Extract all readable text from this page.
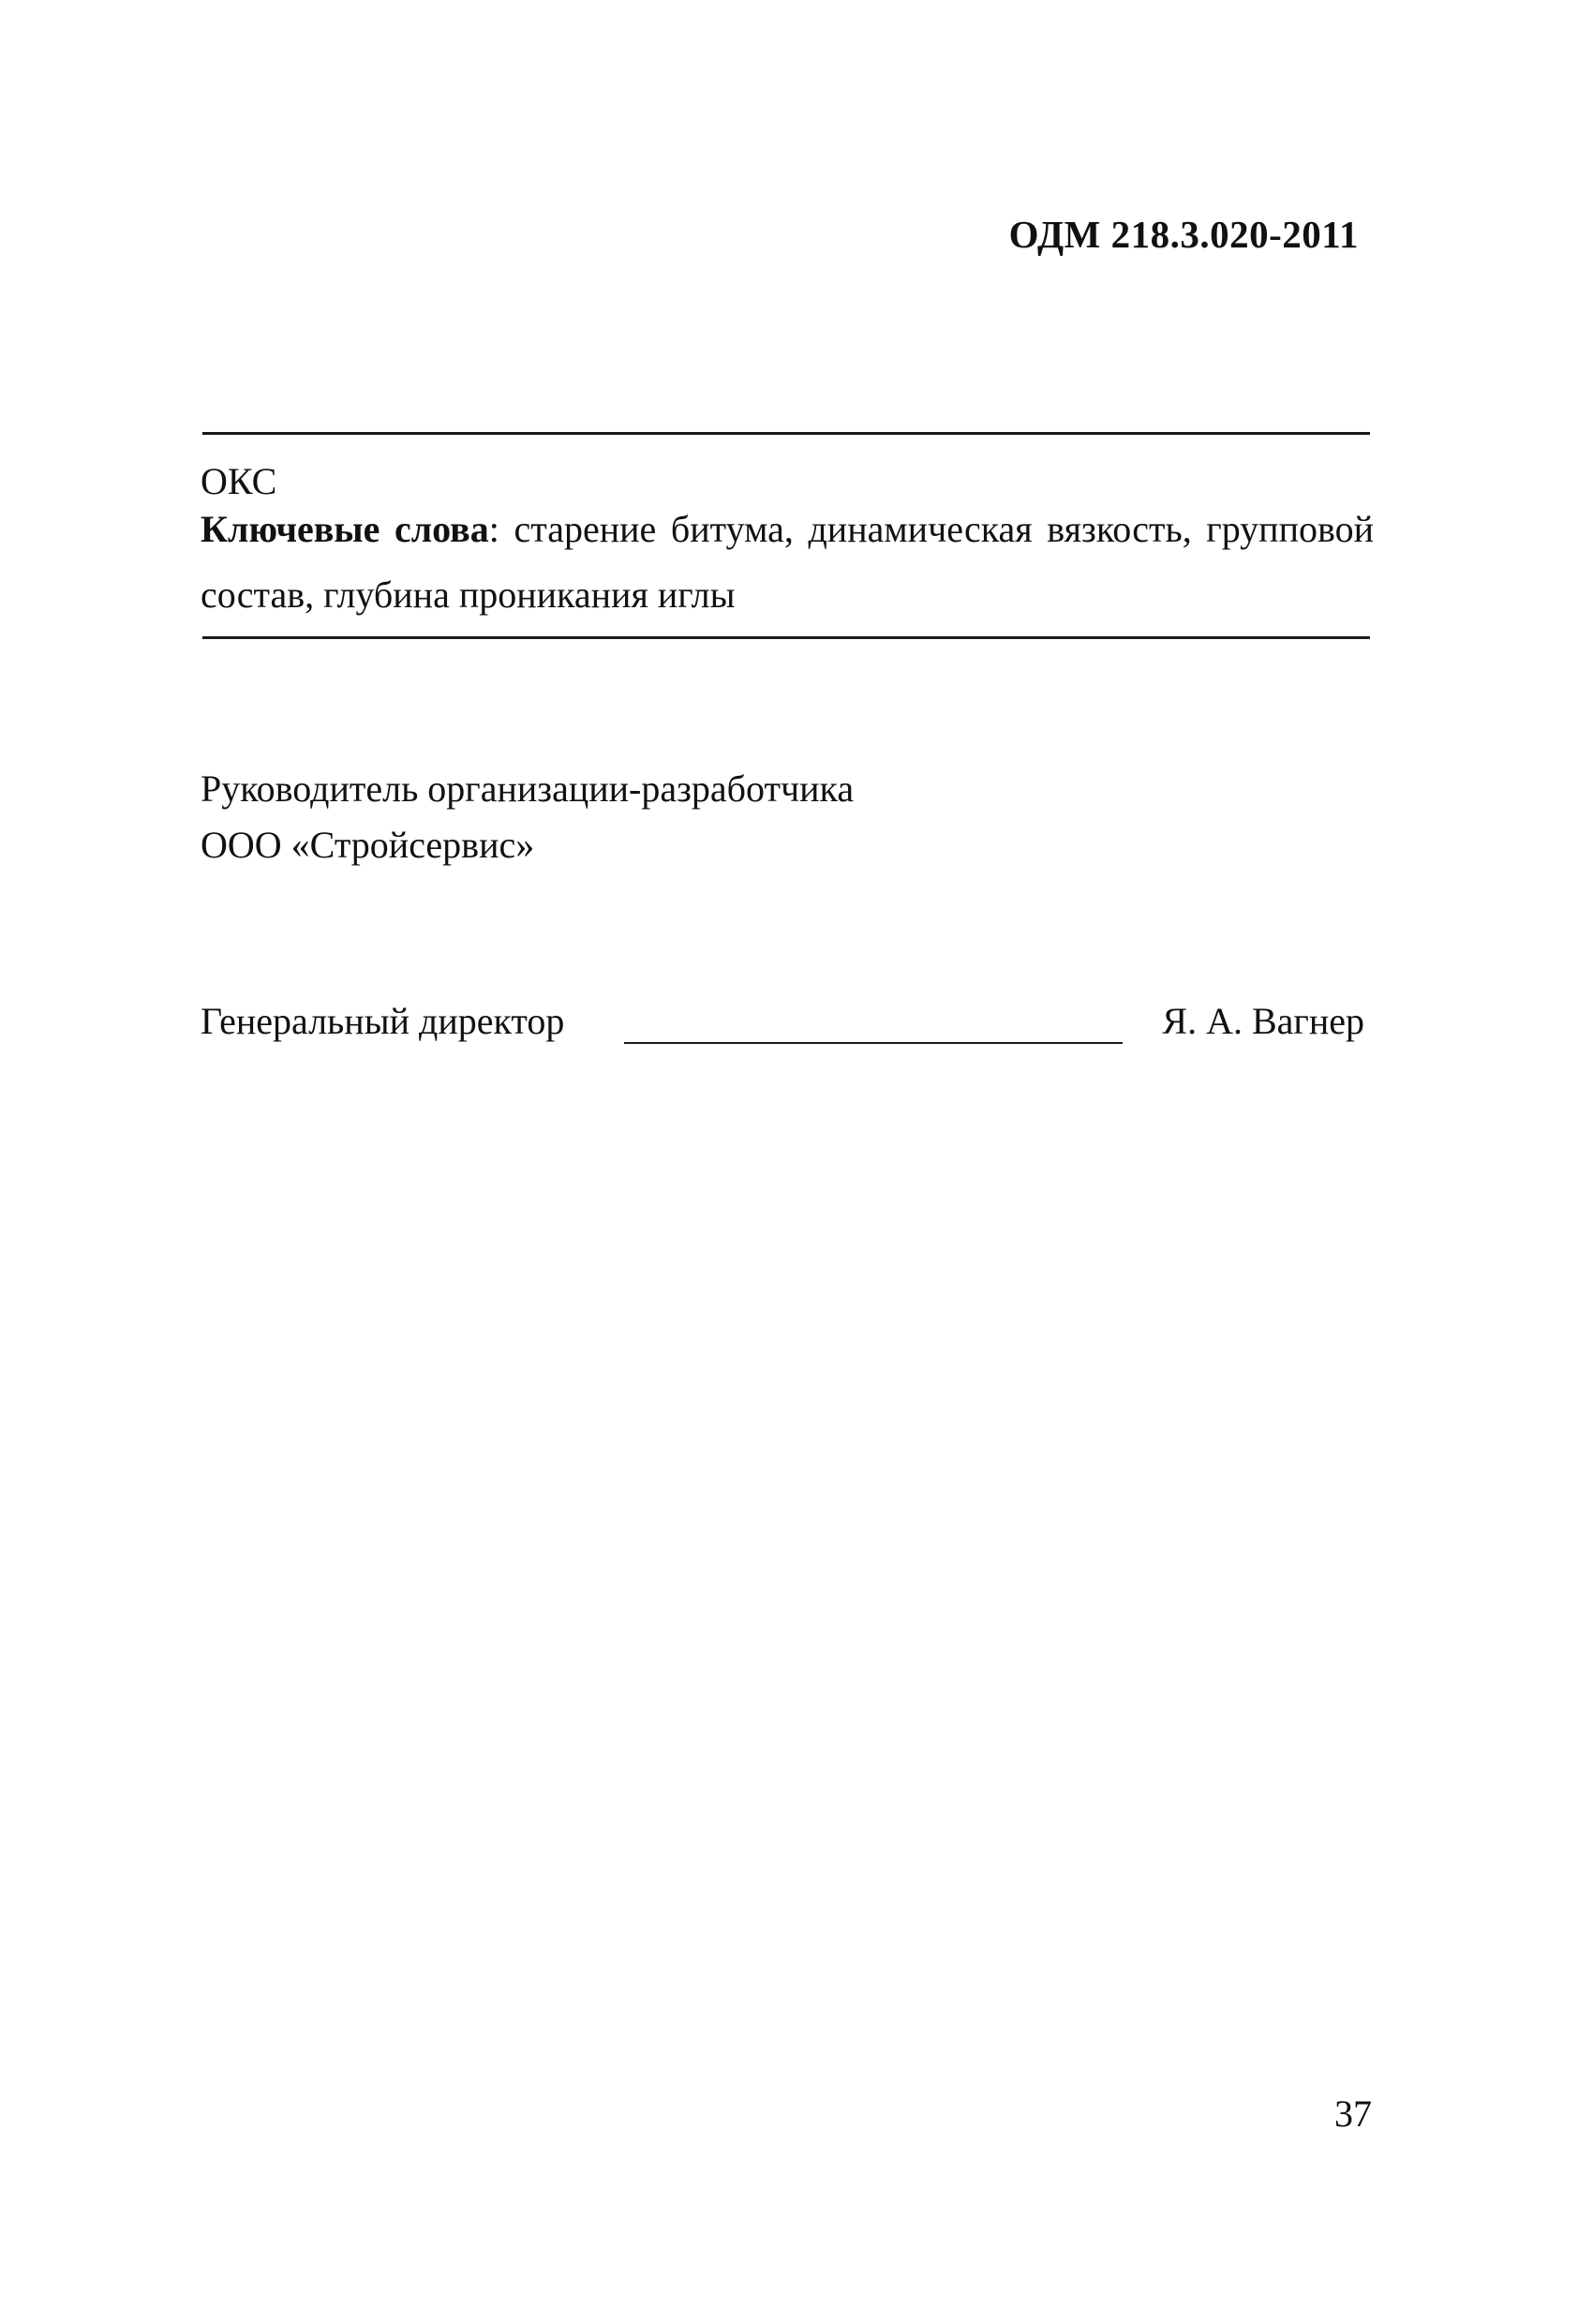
ОДМ 218.3.020-2011
ОКС
Ключевые слова: старение битума, динамическая вязкость, групповой состав, глубина проникания иглы
Руководитель организации-разработчика
ООО «Стройсервис»
Генеральный директор	Я. А. Вагнер
37
